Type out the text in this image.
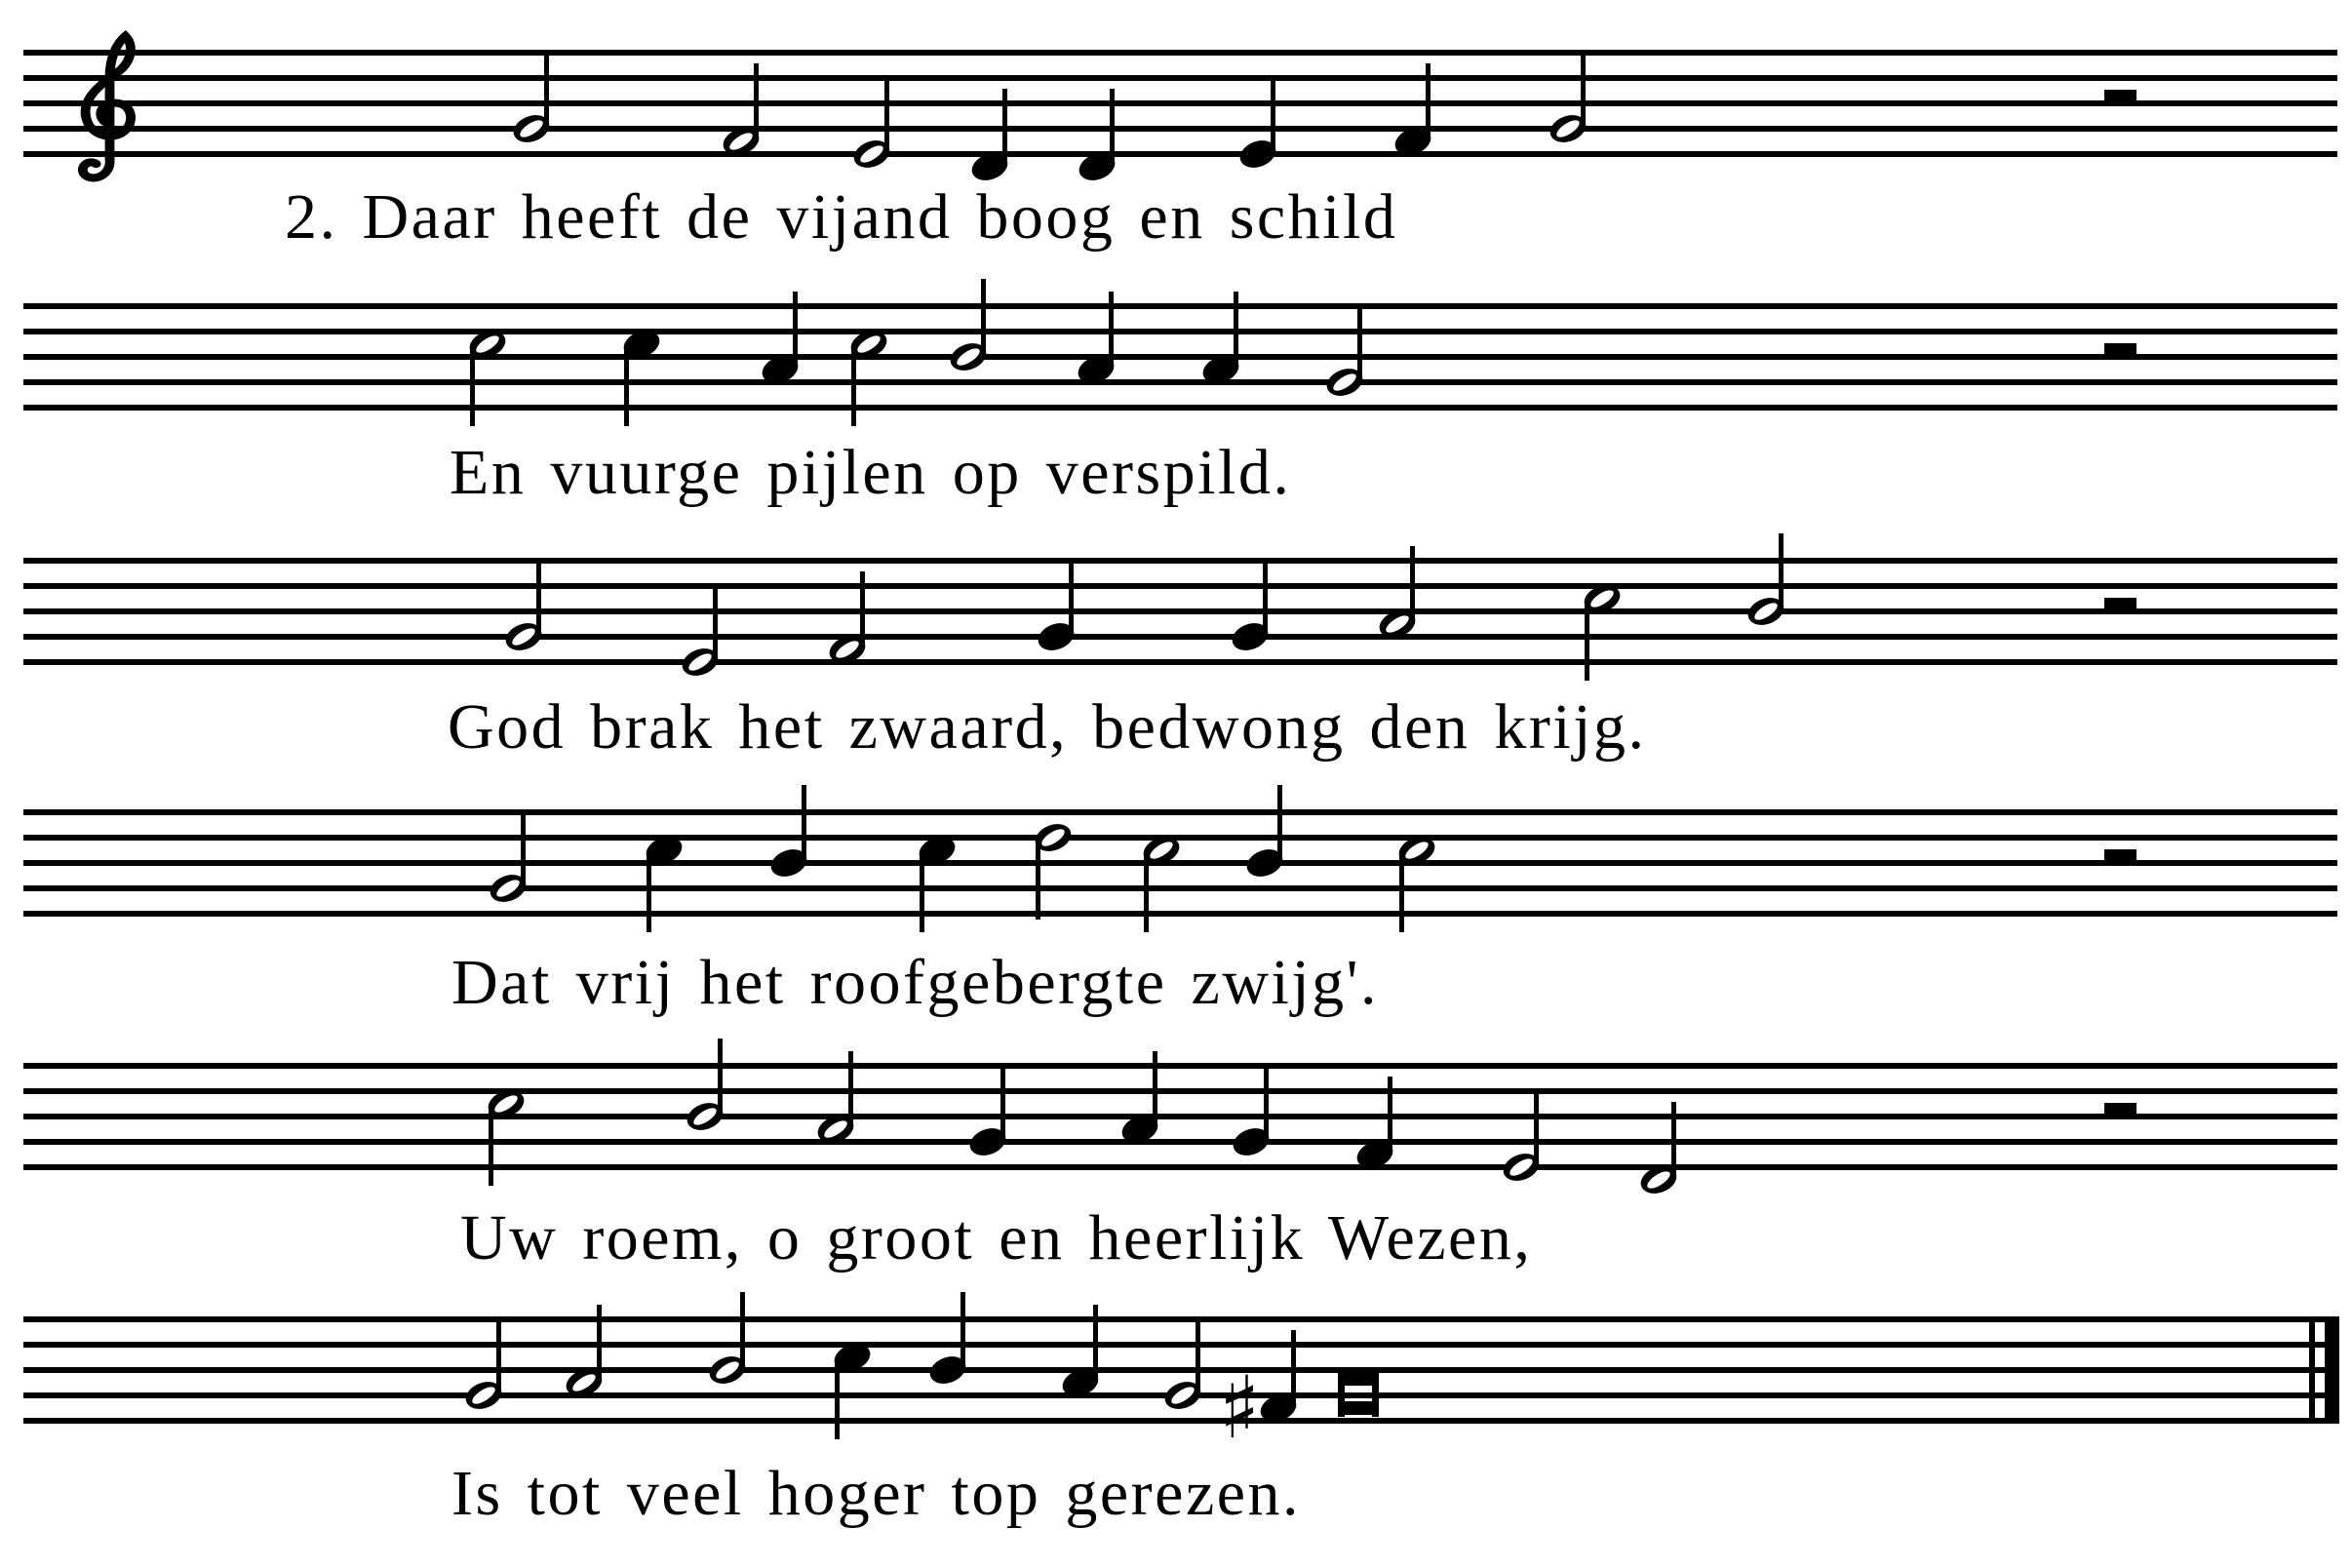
♯
2. Daar heeft de vijand boog en schild
En vuurge pijlen op verspild.
God brak het zwaard, bedwong den krijg.
Dat vrij het roofgebergte zwijg'.
Uw roem, o groot en heerlijk Wezen,
Is tot veel hoger top gerezen.
